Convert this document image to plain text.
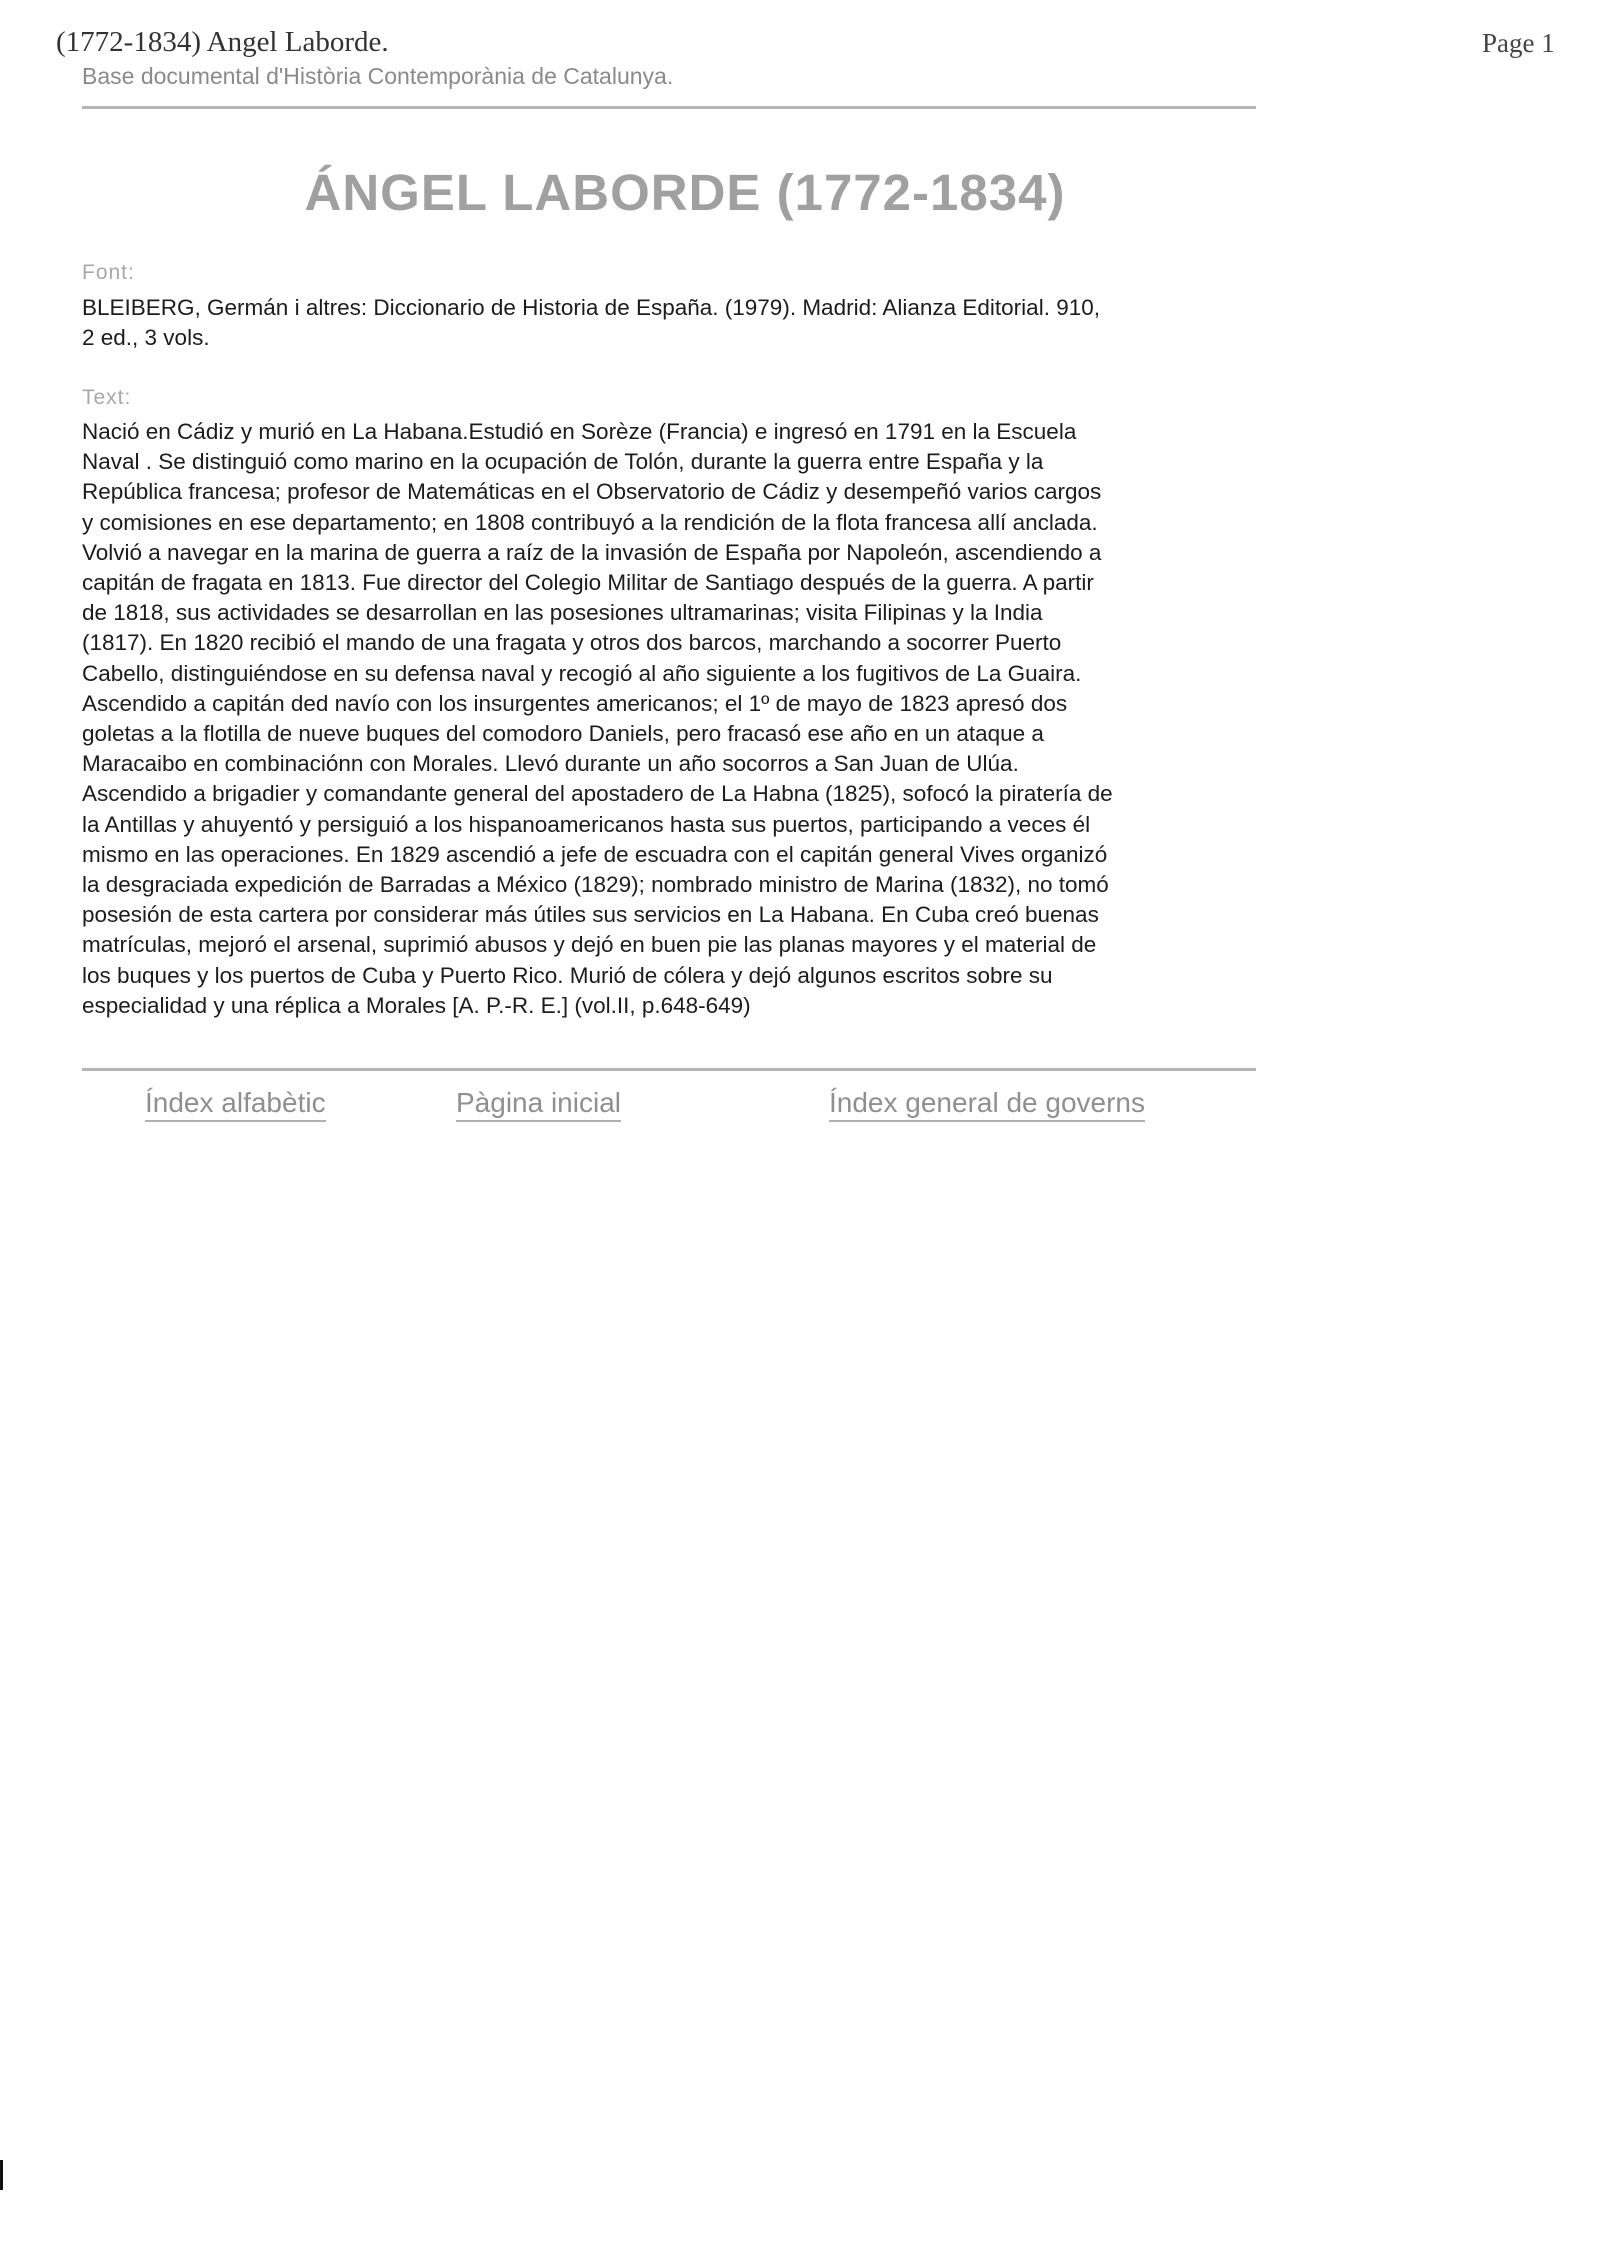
(1772-1834) Angel Laborde.
Base documental d'Història Contemporània de Catalunya.
Page 1
ÁNGEL LABORDE (1772-1834)
Font:
BLEIBERG, Germán i altres: Diccionario de Historia de España. (1979). Madrid: Alianza Editorial. 910,
2 ed., 3 vols.
Text:
Nació en Cádiz y murió en La Habana.Estudió en Sorèze (Francia) e ingresó en 1791 en la Escuela
Naval . Se distinguió como marino en la ocupación de Tolón, durante la guerra entre España y la
República francesa; profesor de Matemáticas en el Observatorio de Cádiz y desempeñó varios cargos
y comisiones en ese departamento; en 1808 contribuyó a la rendición de la flota francesa allí anclada.
Volvió a navegar en la marina de guerra a raíz de la invasión de España por Napoleón, ascendiendo a
capitán de fragata en 1813. Fue director del Colegio Militar de Santiago después de la guerra. A partir
de 1818, sus actividades se desarrollan en las posesiones ultramarinas; visita Filipinas y la India
(1817). En 1820 recibió el mando de una fragata y otros dos barcos, marchando a socorrer Puerto
Cabello, distinguiéndose en su defensa naval y recogió al año siguiente a los fugitivos de La Guaira.
Ascendido a capitán ded navío con los insurgentes americanos; el 1º de mayo de 1823 apresó dos
goletas a la flotilla de nueve buques del comodoro Daniels, pero fracasó ese año en un ataque a
Maracaibo en combinaciónn con Morales. Llevó durante un año socorros a San Juan de Ulúa.
Ascendido a brigadier y comandante general del apostadero de La Habna (1825), sofocó la piratería de
la Antillas y ahuyentó y persiguió a los hispanoamericanos hasta sus puertos, participando a veces él
mismo en las operaciones. En 1829 ascendió a jefe de escuadra con el capitán general Vives organizó
la desgraciada expedición de Barradas a México (1829); nombrado ministro de Marina (1832), no tomó
posesión de esta cartera por considerar más útiles sus servicios en La Habana. En Cuba creó buenas
matrículas, mejoró el arsenal, suprimió abusos y dejó en buen pie las planas mayores y el material de
los buques y los puertos de Cuba y Puerto Rico. Murió de cólera y dejó algunos escritos sobre su
especialidad y una réplica a Morales [A. P.-R. E.] (vol.II, p.648-649)
Índex alfabètic	Pàgina inicial	Índex general de governs
